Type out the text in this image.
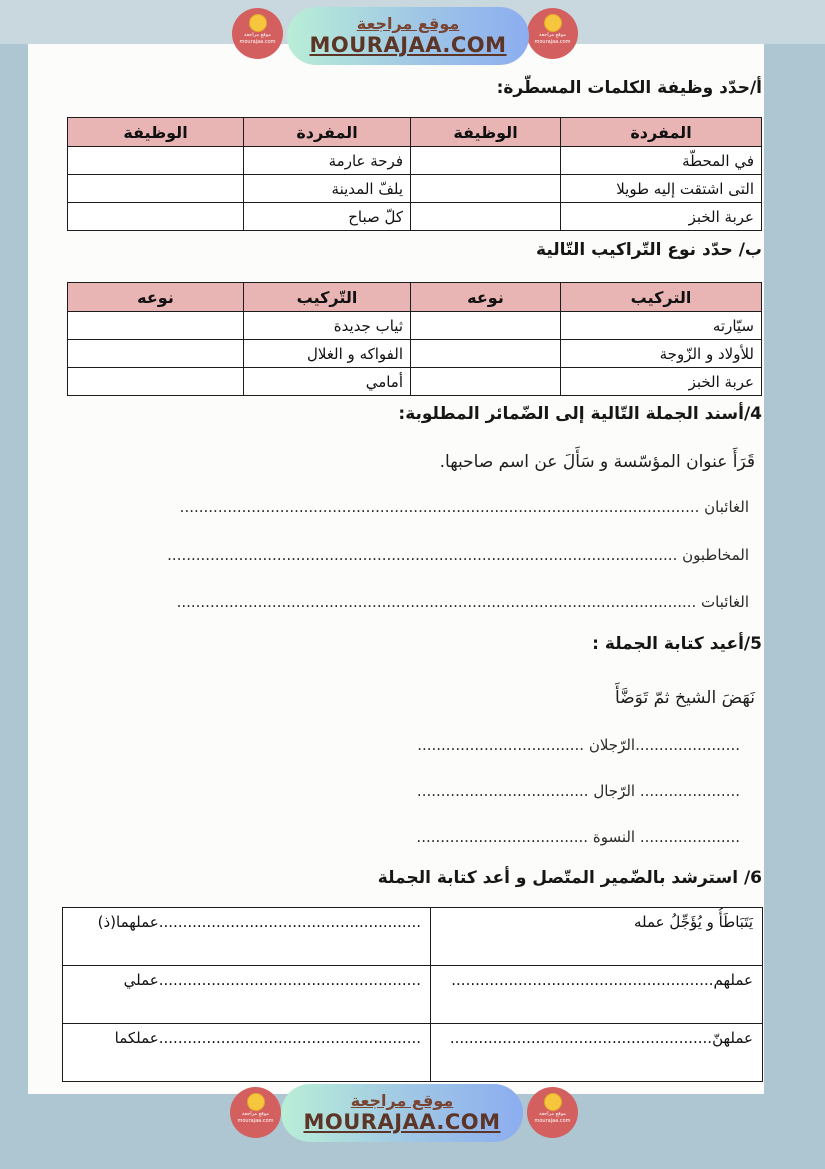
موقع مراجعة
MOURAJAA.COM
موقع مراجعة
mourajaa.com
موقع مراجعة
mourajaa.com
أ/حدّد وظيفة الكلمات المسطّرة:
المفردة	الوظيفة	المفردة	الوظيفة
في المحطّة		فرحة عارمة	
التى اشتقت إليه طويلا		يلفّ المدينة	
عربة الخبز		كلّ صباح	
ب/ حدّد نوع التّراكيب التّالية
التركيب	نوعه	التّركيب	نوعه
سيّارته		ثياب جديدة	
للأولاد و الزّوجة		الفواكه و الغلال	
عربة الخبز		أمامي	
4/أسند الجملة التّالية إلى الضّمائر المطلوبة:
قَرَأَ عنوان المؤسّسة و سَأَلَ عن اسم صاحبها.
الغائبان .............................................................................................................
المخاطبون ...........................................................................................................
الغائبات .............................................................................................................
5/أعيد كتابة الجملة :
نَهَضَ الشيخ ثمّ تَوَضَّأَ
......................الرّجلان ...................................
..................... الرّجال ....................................
..................... النسوة ....................................
6/ استرشد بالضّمير المتّصل و أعد كتابة الجملة
يَتَبَاطَأُ و يُؤَجِّلُ عمله	.......................................................عملهما(ذ)
عملهم.......................................................	.......................................................عملي
عملهنّ.......................................................	.......................................................عملكما
موقع مراجعة
MOURAJAA.COM
موقع مراجعة
mourajaa.com
موقع مراجعة
mourajaa.com
